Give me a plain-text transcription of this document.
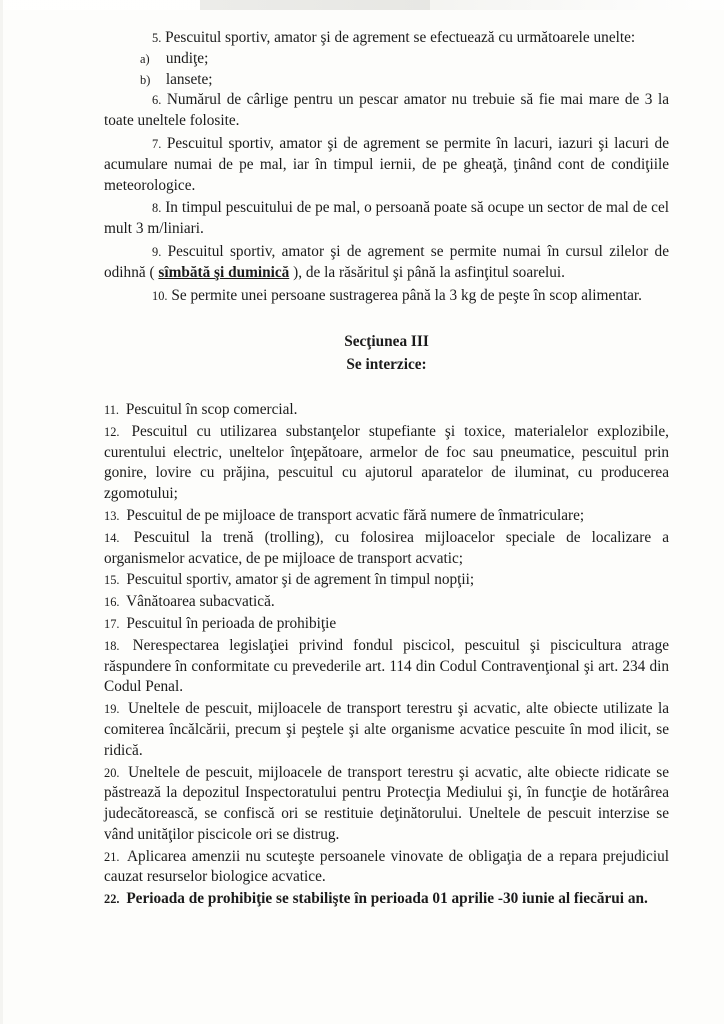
5. Pescuitul sportiv, amator şi de agrement se efectuează cu următoarele unelte:

a) undiţe;

b) lansete;

6. Numărul de cârlige pentru un pescar amator nu trebuie să fie mai mare de 3 la toate uneltele folosite.

7. Pescuitul sportiv, amator şi de agrement se permite în lacuri, iazuri şi lacuri de acumulare numai de pe mal, iar în timpul iernii, de pe gheaţă, ţinând cont de condiţiile meteorologice.

8. In timpul pescuitului de pe mal, o persoană poate să ocupe un sector de mal de cel mult 3 m/liniari.

9. Pescuitul sportiv, amator şi de agrement se permite numai în cursul zilelor de odihnă ( sîmbătă şi duminică ), de la răsăritul şi până la asfinţitul soarelui.

10. Se permite unei persoane sustragerea până la 3 kg de peşte în scop alimentar.

Secţiunea III
Se interzice:

11. Pescuitul în scop comercial.

12. Pescuitul cu utilizarea substanţelor stupefiante şi toxice, materialelor explozibile, curentului electric, uneltelor înţepătoare, armelor de foc sau pneumatice, pescuitul prin gonire, lovire cu prăjina, pescuitul cu ajutorul aparatelor de iluminat, cu producerea zgomotului;

13. Pescuitul de pe mijloace de transport acvatic fără numere de înmatriculare;

14. Pescuitul la trenă (trolling), cu folosirea mijloacelor speciale de localizare a organismelor acvatice, de pe mijloace de transport acvatic;

15. Pescuitul sportiv, amator şi de agrement în timpul nopţii;

16. Vânătoarea subacvatică.

17. Pescuitul în perioada de prohibiţie

18. Nerespectarea legislaţiei privind fondul piscicol, pescuitul şi piscicultura atrage răspundere în conformitate cu prevederile art. 114 din Codul Contravenţional şi art. 234 din Codul Penal.

19. Uneltele de pescuit, mijloacele de transport terestru şi acvatic, alte obiecte utilizate la comiterea încălcării, precum şi peştele şi alte organisme acvatice pescuite în mod ilicit, se ridică.

20. Uneltele de pescuit, mijloacele de transport terestru şi acvatic, alte obiecte ridicate se păstrează la depozitul Inspectoratului pentru Protecţia Mediului şi, în funcţie de hotărârea judecătorească, se confiscă ori se restituie deţinătorului. Uneltele de pescuit interzise se vând unităţilor piscicole ori se distrug.

21. Aplicarea amenzii nu scuteşte persoanele vinovate de obligaţia de a repara prejudiciul cauzat resurselor biologice acvatice.

22. Perioada de prohibiţie se stabilişte în perioada 01 aprilie -30 iunie al fiecărui an.
